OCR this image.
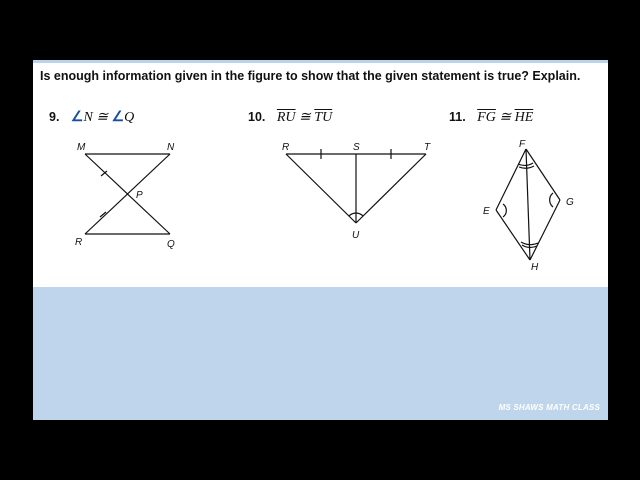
Is enough information given in the figure to show that the given statement is true? Explain.
9. ∠N ≅ ∠Q	10. $\overline{RU}$ ≅ $\overline{TU}$	11. $\overline{FG}$ ≅ $\overline{HE}$
M	N
P
R	Q
R	S	T
U
F
E
G
H
MS SHAWS MATH CLASS
